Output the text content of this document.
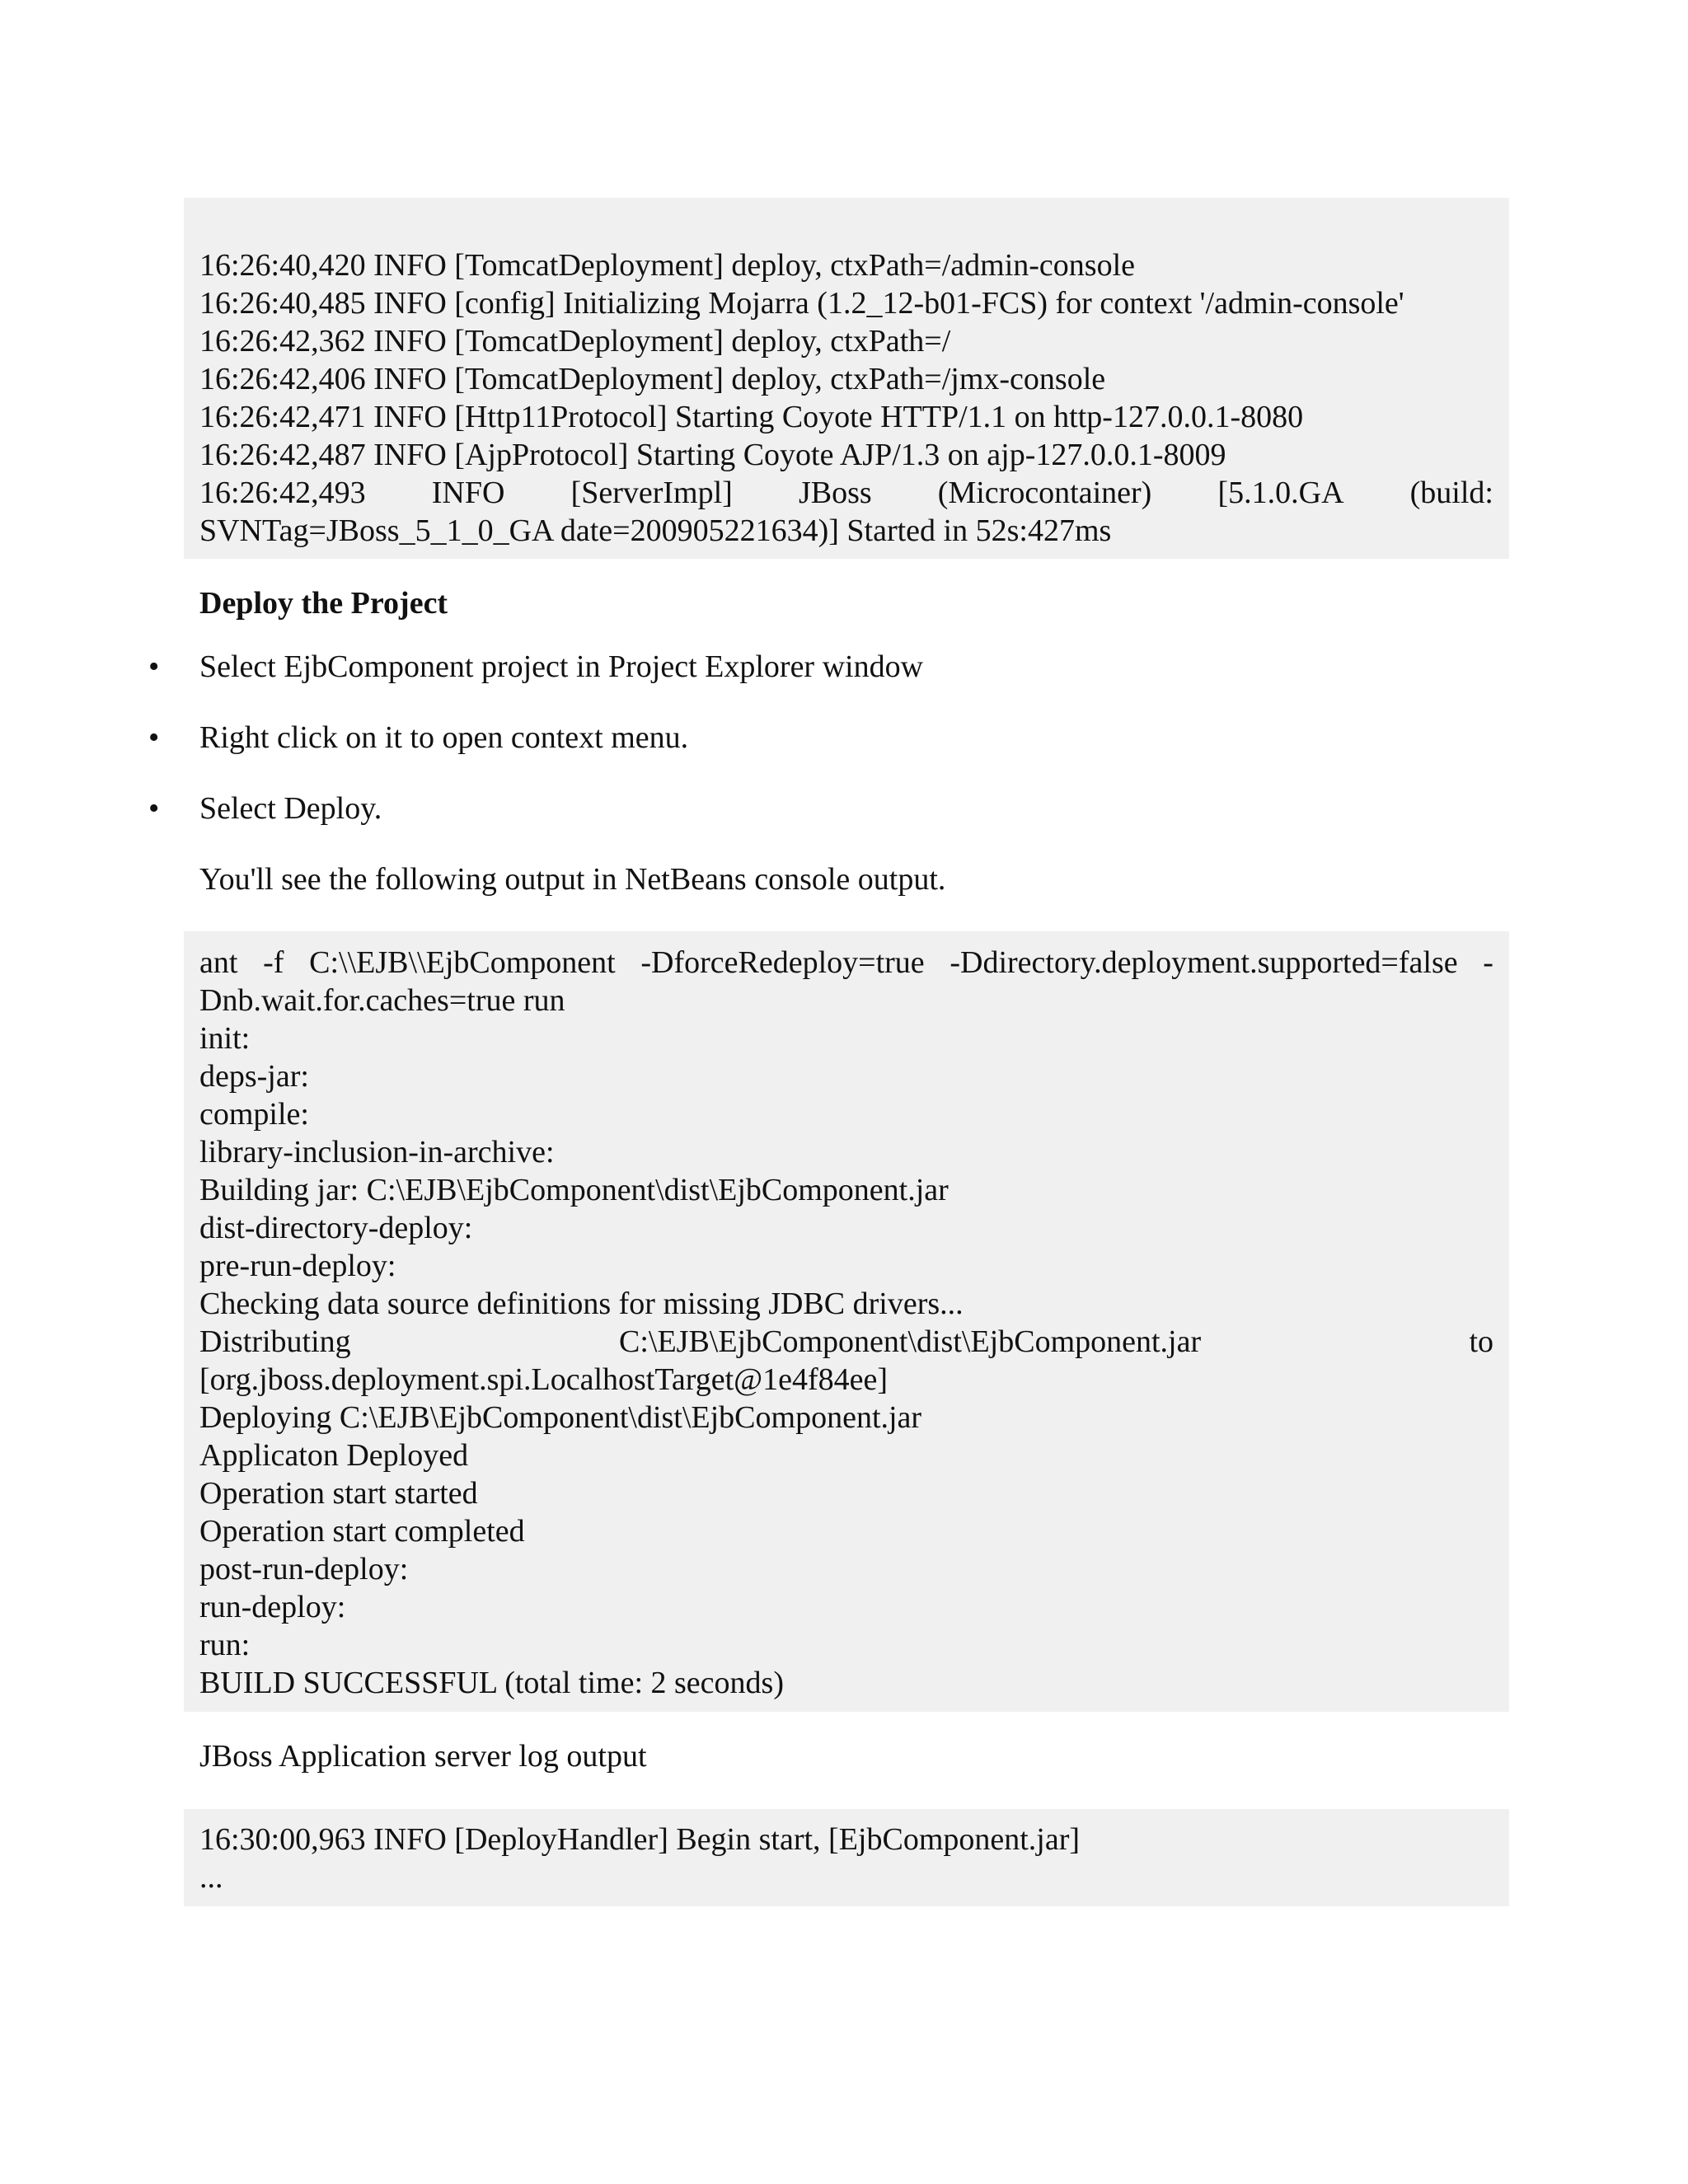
16:26:40,420 INFO [TomcatDeployment] deploy, ctxPath=/admin-console
16:26:40,485 INFO [config] Initializing Mojarra (1.2_12-b01-FCS) for context '/admin-console'
16:26:42,362 INFO [TomcatDeployment] deploy, ctxPath=/
16:26:42,406 INFO [TomcatDeployment] deploy, ctxPath=/jmx-console
16:26:42,471 INFO [Http11Protocol] Starting Coyote HTTP/1.1 on http-127.0.0.1-8080
16:26:42,487 INFO [AjpProtocol] Starting Coyote AJP/1.3 on ajp-127.0.0.1-8009
16:26:42,493 INFO [ServerImpl] JBoss (Microcontainer) [5.1.0.GA (build:
SVNTag=JBoss_5_1_0_GA date=200905221634)] Started in 52s:427ms

Deploy the Project

• Select EjbComponent project in Project Explorer window
• Right click on it to open context menu.
• Select Deploy.

You'll see the following output in NetBeans console output.

ant -f C:\\EJB\\EjbComponent -DforceRedeploy=true -Ddirectory.deployment.supported=false -
Dnb.wait.for.caches=true run
init:
deps-jar:
compile:
library-inclusion-in-archive:
Building jar: C:\EJB\EjbComponent\dist\EjbComponent.jar
dist-directory-deploy:
pre-run-deploy:
Checking data source definitions for missing JDBC drivers...
Distributing	C:\EJB\EjbComponent\dist\EjbComponent.jar	to
[org.jboss.deployment.spi.LocalhostTarget@1e4f84ee]
Deploying C:\EJB\EjbComponent\dist\EjbComponent.jar
Applicaton Deployed
Operation start started
Operation start completed
post-run-deploy:
run-deploy:
run:
BUILD SUCCESSFUL (total time: 2 seconds)

JBoss Application server log output

16:30:00,963 INFO [DeployHandler] Begin start, [EjbComponent.jar]
...
